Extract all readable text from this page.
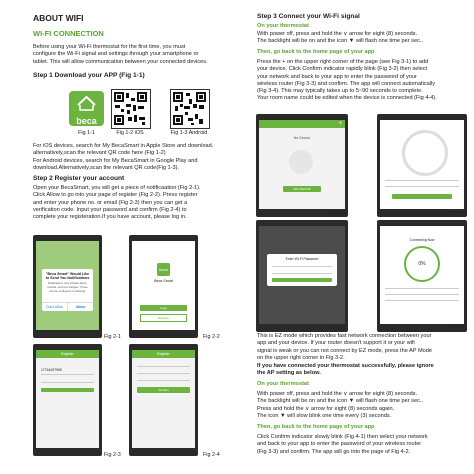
ABOUT WIFI
WI-FI CONNECTION
Before using your Wi-Fi thermostat for the first time, you must
configure the Wi-Fi signal and settings through your smartphone or
tablet. This will allow communication between your connected devices.
Step 1 Download your APP (Fig 1-1)
beca
SMART
Fig 1-1	Fig 1-2 iOS	Fig 1-3 Android
For iOS devices, search for My BecaSmart in Apple Store and download.
alternatively,scan the relevant QR code here (Fig 1-2)
For Android devices, search for My BecaSmart in Google Play and
download.Alternatively,scan the relevant QR code(Fig 1-3).
Step 2 Register your account
Open your BecaSmart, you will get a piece of notificaation (Fig 2-1).
Click Allow to go into your page of register (Fig 2-2). Press register
and enter your phone no. or email (Fig 2-3) then you can get a
verification code. Input your password and confirm (Fig 2-4) to
complete your registeration.If you have account, please log in.
"Beca Smart" Would Like to Send You Notifications
Notifications may include alerts, sounds, and icon badges. These can be configured in Settings.
Don't Allow	Allow
Fig 2-1
beca
Beca Smart
Login
Register
Fig 2-2
Register
17744497965
Fig 2-3
Register
Confirm
Fig 2-4
Step 3 Connect your Wi-Fi signal
On your thermostat
With power off, press and hold the ∨ arrow for eight (8) seconds.
The backlight will be on and the icon ▼ will flash one time per sec..
Then, go back to the home page of your app
Press the + on the upper right corner of the page (see Fig 3-1) to add
your device. Click Confirm indicator rapidly blink (Fig 3-2) then select
your network and back to your app to enter the password of your
wireless router (Fig 3-3) and confirm. The app will connect automatically
(Fig 3-4). This may typically takes up to 5~90 seconds to complete.
Your room name could be edited when the device is connected (Fig 4-4).
+
No Device
ADD DEVICE
Fig 3-1	Fig 3-2
Enter Wi-Fi Password
Fig 3-3
Connecting Now
0%
Fig 3-4
This is EZ mode which provides fast network connection between your
app and your device. If your router doesn't support it or your wifi
signal is weak or you can not connect by EZ mode, press the AP Mode
on the upper right corner in Fig 3-2.
If you have connected your thermostat successfully, please ignore
the AP setting as below.
On your thermostat
With power off, press and hold the ∨ arrow for eight (8) seconds.
The backlight will be on and the icon ▼ will flash one time per sec..
Press and hold the ∨ arrow for eight (8) seconds again.
The icon ▼ will slow blink one time every (3) seconds.
Then, go back to the home page of your app
Click Confirm indicator slowly blink (Fig 4-1) then select your network
and back to your app to enter the password of your wireless router
(Fig 3-3) and confirm. The app will go into the page of Fig 4-2.
